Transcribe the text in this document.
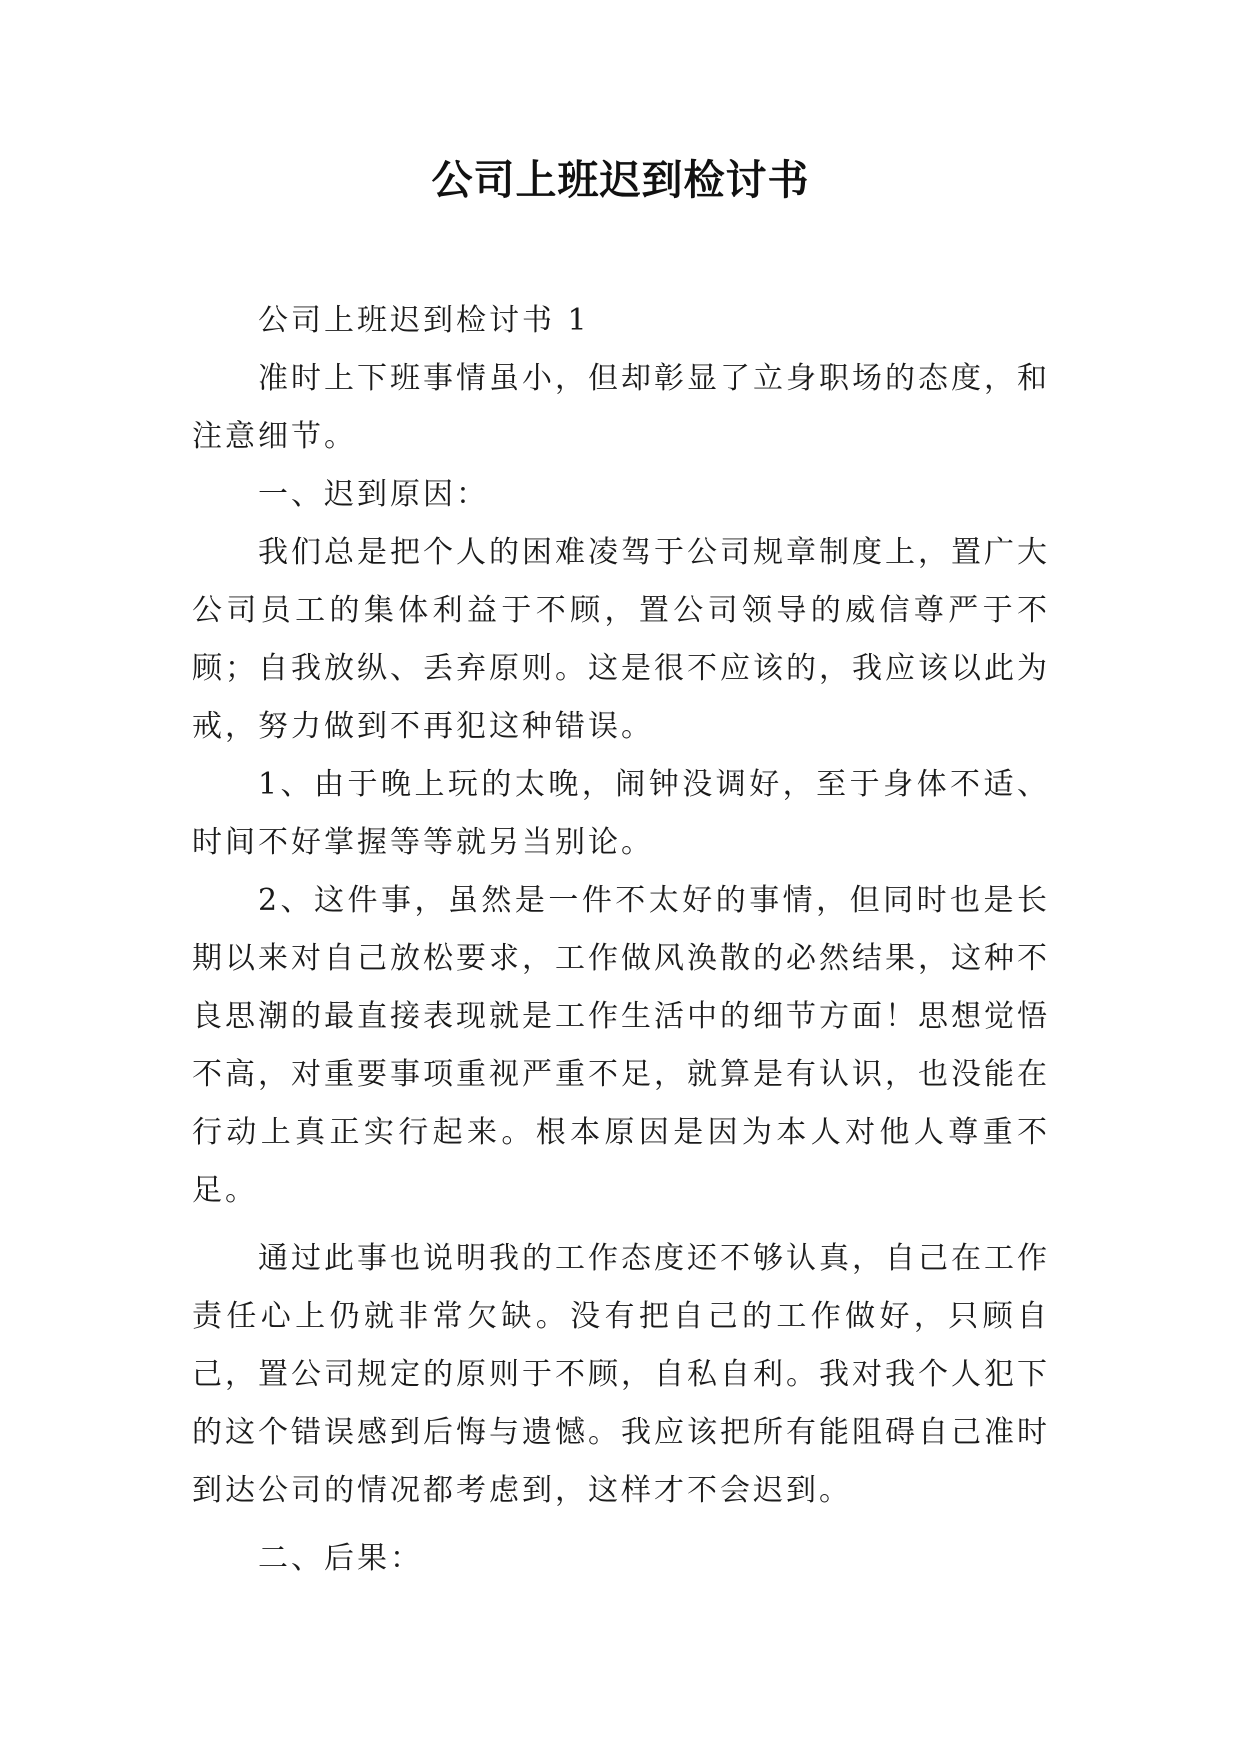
公司上班迟到检讨书

公司上班迟到检讨书 1

准时上下班事情虽小，但却彰显了立身职场的态度，和注意细节。

一、迟到原因：

我们总是把个人的困难凌驾于公司规章制度上，置广大公司员工的集体利益于不顾，置公司领导的威信尊严于不顾；自我放纵、丢弃原则。这是很不应该的，我应该以此为戒，努力做到不再犯这种错误。

1、由于晚上玩的太晚，闹钟没调好，至于身体不适、时间不好掌握等等就另当别论。

2、这件事，虽然是一件不太好的事情，但同时也是长期以来对自己放松要求，工作做风涣散的必然结果，这种不良思潮的最直接表现就是工作生活中的细节方面！思想觉悟不高，对重要事项重视严重不足，就算是有认识，也没能在行动上真正实行起来。根本原因是因为本人对他人尊重不足。

通过此事也说明我的工作态度还不够认真，自己在工作责任心上仍就非常欠缺。没有把自己的工作做好，只顾自己，置公司规定的原则于不顾，自私自利。我对我个人犯下的这个错误感到后悔与遗憾。我应该把所有能阻碍自己准时到达公司的情况都考虑到，这样才不会迟到。

二、后果：
